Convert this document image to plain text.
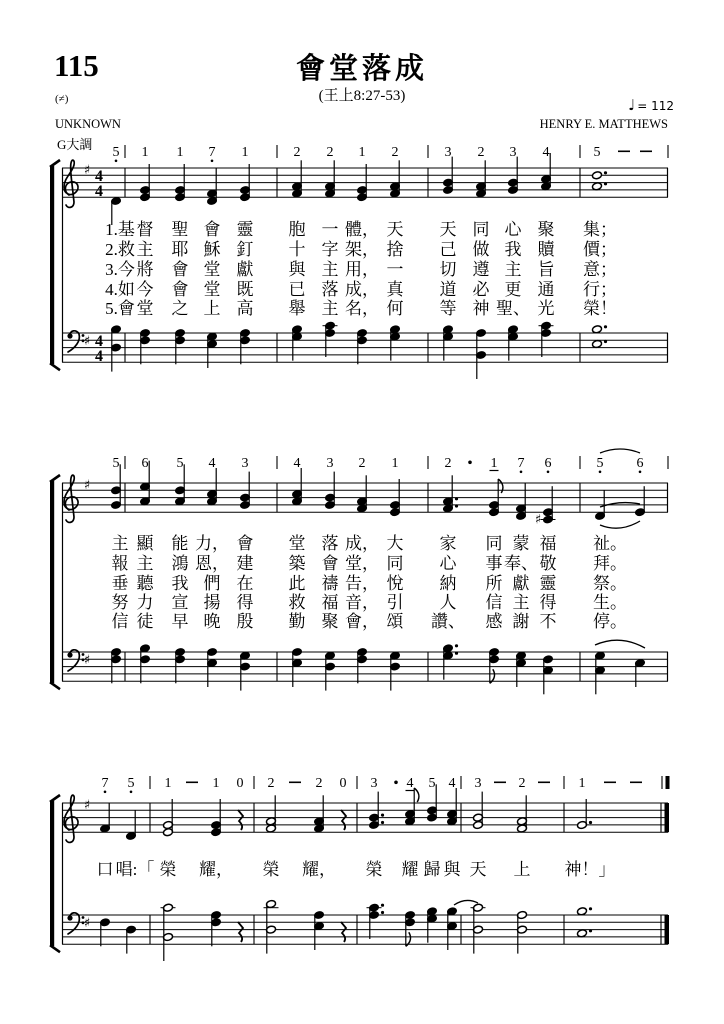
115	會堂落成
(王上8:27-53)
(≠)	♩ = 112
UNKNOWN	HENRY E. MATTHEWS
G大調
5 1 1 7 1	2 2 1 2	3 2 3 4	5
♯ 4
4
♯ 4
4
1.基 督 聖 會 靈 胞 一 體， 天 天 同 心 聚 集；
2.救 主 耶 穌 釘 十 字 架， 捨 己 做 我 贖 價；
3.今 將 會 堂 獻 與 主 用， 一 切 遵 主 旨 意；
4.如 今 會 堂 既 已 落 成， 真 道 必 更 通 行；
5.會 堂 之 上 高 舉 主 名， 何 等 神 聖、 光 榮！
5 6 5 4 3	4 3 2 1	2	1 7 6	5 6
♯
♯
♯
主 顯 能 力， 會 堂 落 成， 大 家 同 蒙 福 祉。
報 主 鴻 恩， 建 築 會 堂， 同 心 事 奉、 敬 拜。
垂 聽 我 們 在 此 禱 告， 悅 納 所 獻 靈 祭。
努 力 宣 揚 得 救 福 音， 引 人 信 主 得 生。
信 徒 早 晚 殷 勤 聚 會， 頌 讚、 感 謝 不 停。
7 5 1	1 0 2	2 0 3 4 5 4 3	2	1
♯
♯
口 唱:「 榮 耀， 榮 耀， 榮 耀 歸 與 天 上 神！」
